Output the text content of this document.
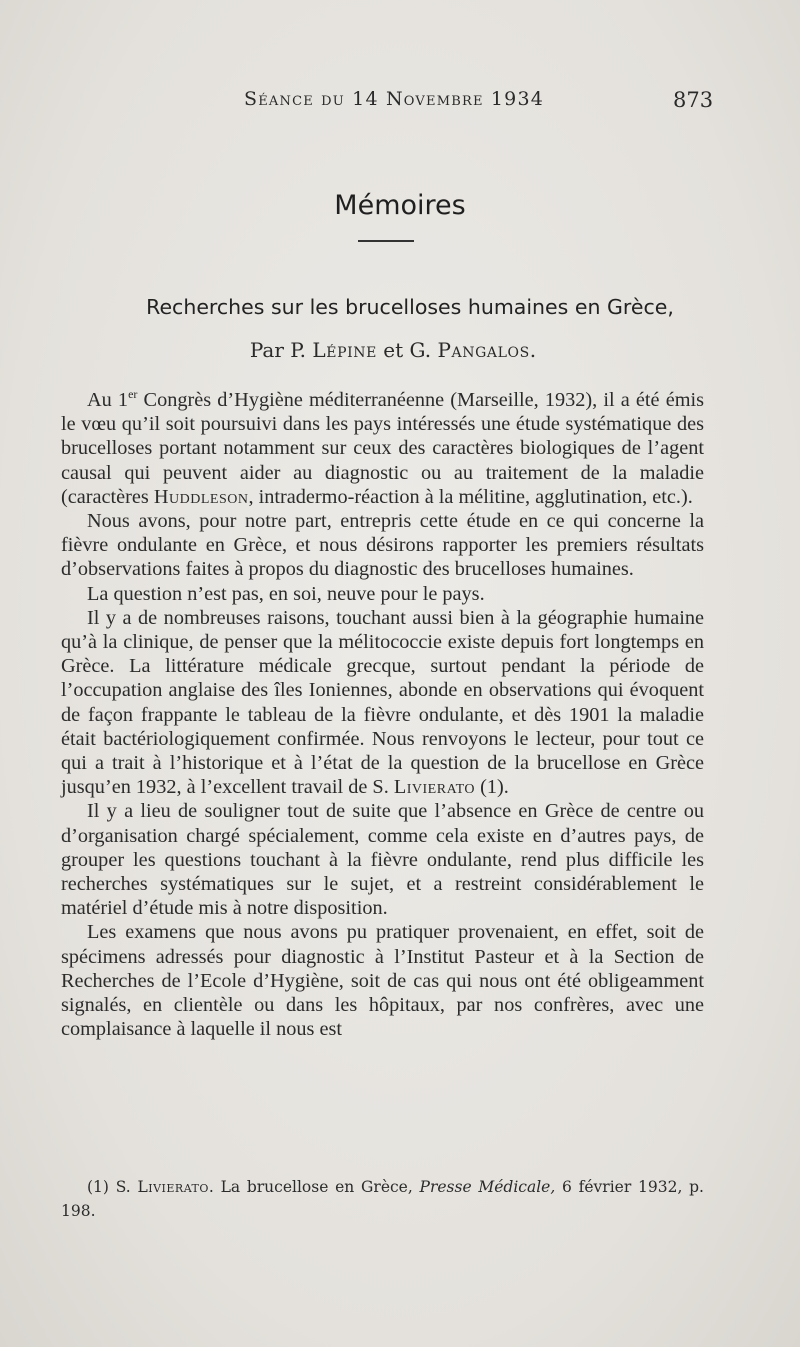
Séance du 14 Novembre 1934	873
Mémoires
Recherches sur les brucelloses humaines en Grèce,
Par P. Lépine et G. Pangalos.

Au 1er Congrès d’Hygiène méditerranéenne (Marseille, 1932), il a été émis le vœu qu’il soit poursuivi dans les pays intéressés une étude systématique des brucelloses portant notamment sur ceux des caractères biologiques de l’agent causal qui peuvent aider au diagnostic ou au traitement de la maladie (caractères Huddleson, intradermo-réaction à la mélitine, agglutination, etc.).

Nous avons, pour notre part, entrepris cette étude en ce qui concerne la fièvre ondulante en Grèce, et nous désirons rapporter les premiers résultats d’observations faites à propos du diagnostic des brucelloses humaines.

La question n’est pas, en soi, neuve pour le pays.

Il y a de nombreuses raisons, touchant aussi bien à la géographie humaine qu’à la clinique, de penser que la mélitococcie existe depuis fort longtemps en Grèce. La littérature médicale grecque, surtout pendant la période de l’occupation anglaise des îles Ioniennes, abonde en observations qui évoquent de façon frappante le tableau de la fièvre ondulante, et dès 1901 la maladie était bactériologiquement confirmée. Nous renvoyons le lecteur, pour tout ce qui a trait à l’historique et à l’état de la question de la brucellose en Grèce jusqu’en 1932, à l’excellent travail de S. Livierato (1).

Il y a lieu de souligner tout de suite que l’absence en Grèce de centre ou d’organisation chargé spécialement, comme cela existe en d’autres pays, de grouper les questions touchant à la fièvre ondulante, rend plus difficile les recherches systématiques sur le sujet, et a restreint considérablement le matériel d’étude mis à notre disposition.

Les examens que nous avons pu pratiquer provenaient, en effet, soit de spécimens adressés pour diagnostic à l’Institut Pasteur et à la Section de Recherches de l’Ecole d’Hygiène, soit de cas qui nous ont été obligeamment signalés, en clientèle ou dans les hôpitaux, par nos confrères, avec une complaisance à laquelle il nous est

(1) S. Livierato. La brucellose en Grèce, Presse Médicale, 6 février 1932, p. 198.
